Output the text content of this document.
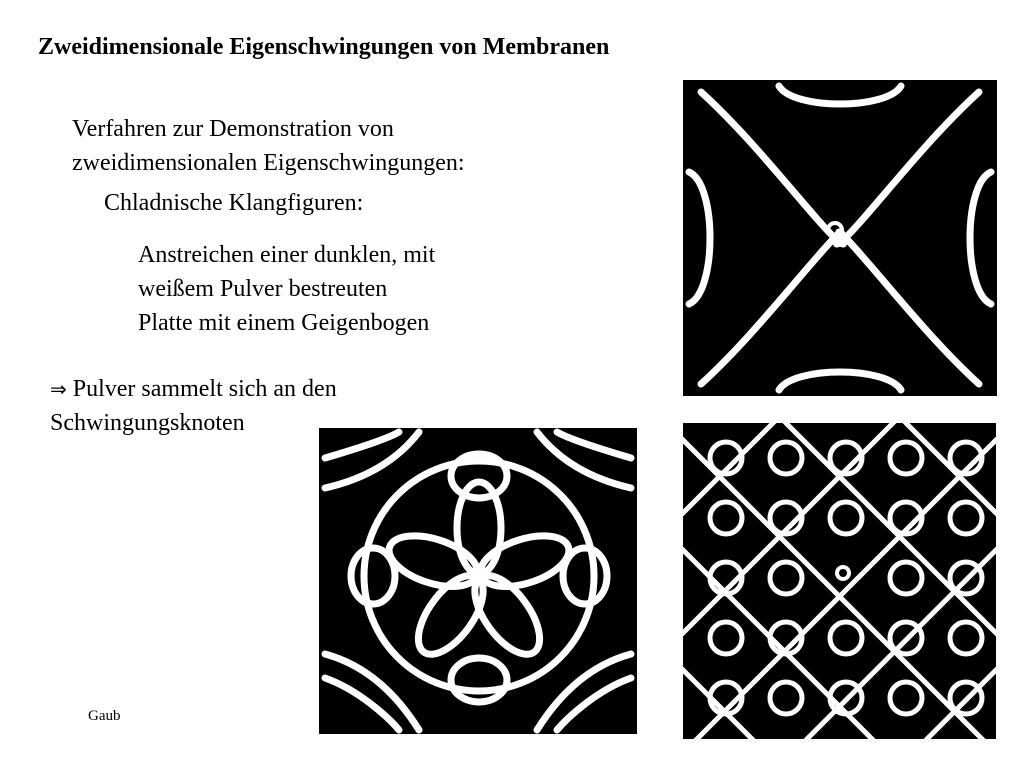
Zweidimensionale Eigenschwingungen von Membranen
Verfahren zur Demonstration von
zweidimensionalen Eigenschwingungen:
Chladnische Klangfiguren:
Anstreichen einer dunklen, mit
weißem Pulver bestreuten
Platte mit einem Geigenbogen
⇒ Pulver sammelt sich an den
Schwingungsknoten
Gaub
